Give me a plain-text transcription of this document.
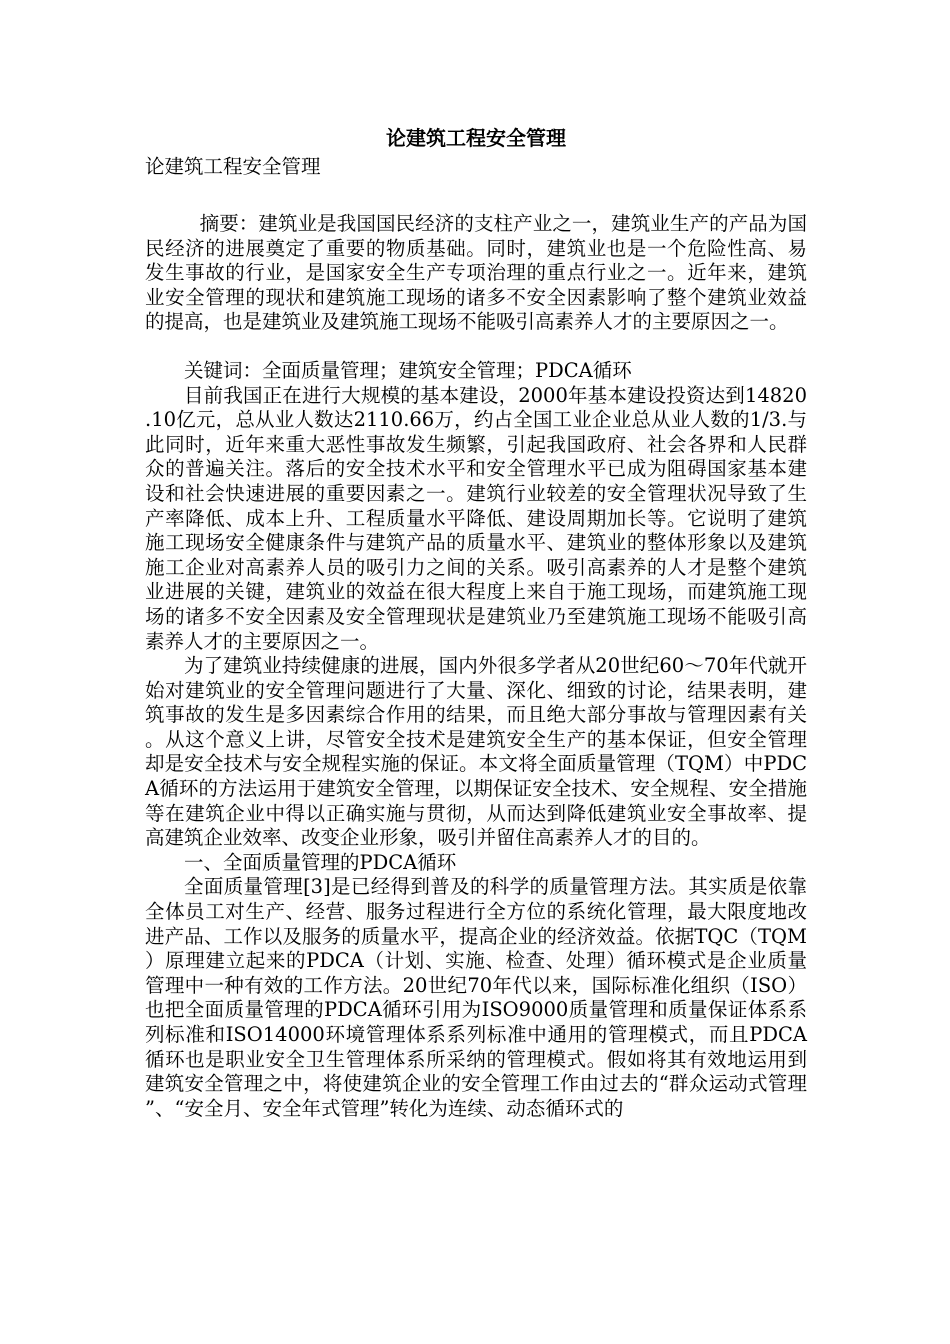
论建筑工程安全管理
论建筑工程安全管理

摘要：建筑业是我国国民经济的支柱产业之一，建筑业生产的产品为国民经济的进展奠定了重要的物质基础。同时，建筑业也是一个危险性高、易发生事故的行业，是国家安全生产专项治理的重点行业之一。近年来，建筑业安全管理的现状和建筑施工现场的诸多不安全因素影响了整个建筑业效益的提高，也是建筑业及建筑施工现场不能吸引高素养人才的主要原因之一。

关键词：全面质量管理；建筑安全管理；PDCA循环

目前我国正在进行大规模的基本建设，2000年基本建设投资达到14820.10亿元，总从业人数达2110.66万，约占全国工业企业总从业人数的1/3.与此同时，近年来重大恶性事故发生频繁，引起我国政府、社会各界和人民群众的普遍关注。落后的安全技术水平和安全管理水平已成为阻碍国家基本建设和社会快速进展的重要因素之一。建筑行业较差的安全管理状况导致了生产率降低、成本上升、工程质量水平降低、建设周期加长等。它说明了建筑施工现场安全健康条件与建筑产品的质量水平、建筑业的整体形象以及建筑施工企业对高素养人员的吸引力之间的关系。吸引高素养的人才是整个建筑业进展的关键，建筑业的效益在很大程度上来自于施工现场，而建筑施工现场的诸多不安全因素及安全管理现状是建筑业乃至建筑施工现场不能吸引高素养人才的主要原因之一。

为了建筑业持续健康的进展，国内外很多学者从20世纪60～70年代就开始对建筑业的安全管理问题进行了大量、深化、细致的讨论，结果表明，建筑事故的发生是多因素综合作用的结果，而且绝大部分事故与管理因素有关。从这个意义上讲，尽管安全技术是建筑安全生产的基本保证，但安全管理却是安全技术与安全规程实施的保证。本文将全面质量管理（TQM）中PDCA循环的方法运用于建筑安全管理，以期保证安全技术、安全规程、安全措施等在建筑企业中得以正确实施与贯彻，从而达到降低建筑业安全事故率、提高建筑企业效率、改变企业形象，吸引并留住高素养人才的目的。

一、全面质量管理的PDCA循环

全面质量管理[3]是已经得到普及的科学的质量管理方法。其实质是依靠全体员工对生产、经营、服务过程进行全方位的系统化管理，最大限度地改进产品、工作以及服务的质量水平，提高企业的经济效益。依据TQC（TQM）原理建立起来的PDCA（计划、实施、检查、处理）循环模式是企业质量管理中一种有效的工作方法。20世纪70年代以来，国际标准化组织（ISO）也把全面质量管理的PDCA循环引用为ISO9000质量管理和质量保证体系系列标准和ISO14000环境管理体系系列标准中通用的管理模式，而且PDCA循环也是职业安全卫生管理体系所采纳的管理模式。假如将其有效地运用到建筑安全管理之中，将使建筑企业的安全管理工作由过去的“群众运动式管理”、“安全月、安全年式管理”转化为连续、动态循环式的
